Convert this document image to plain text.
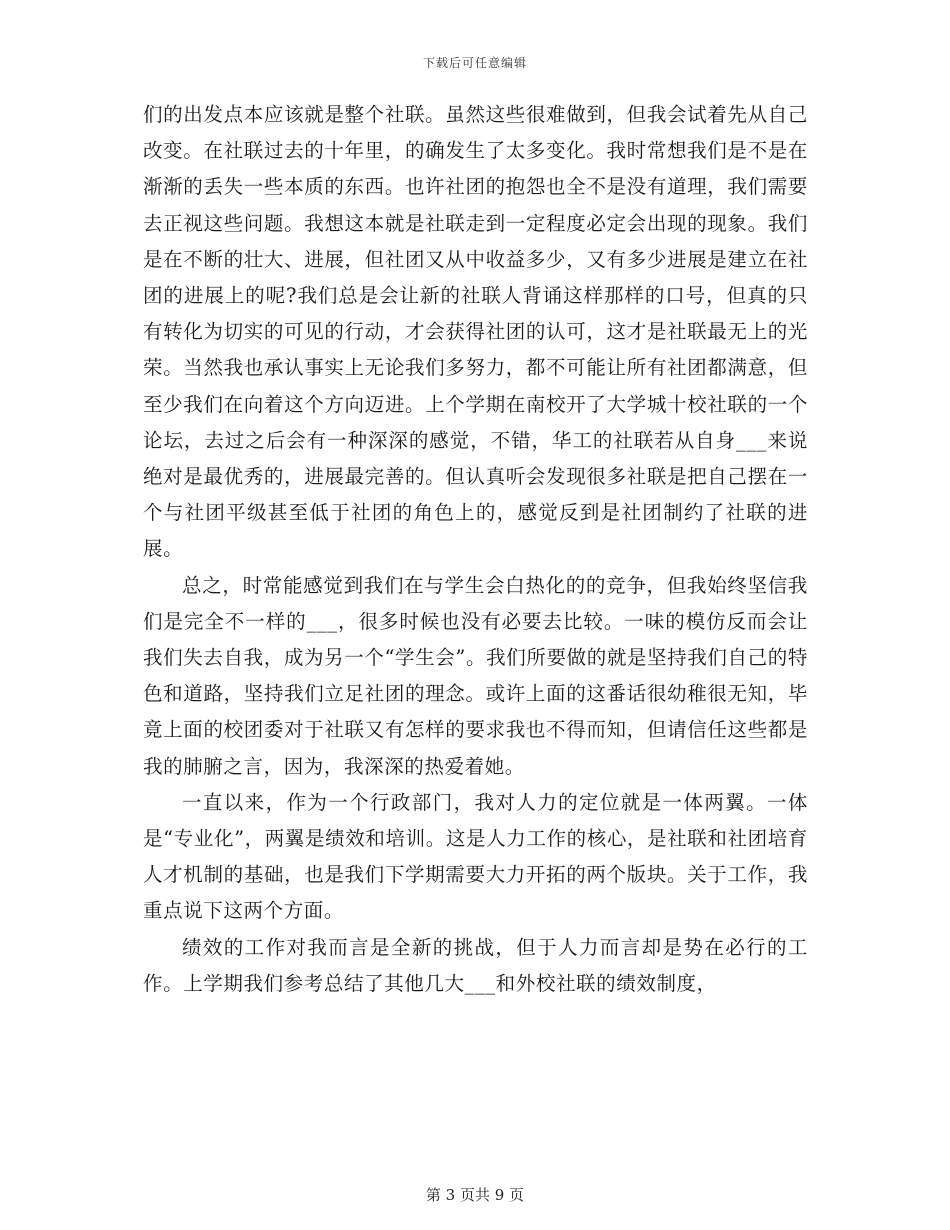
下载后可任意编辑

们的出发点本应该就是整个社联。虽然这些很难做到，但我会试着先从自己改变。在社联过去的十年里，的确发生了太多变化。我时常想我们是不是在渐渐的丢失一些本质的东西。也许社团的抱怨也全不是没有道理，我们需要去正视这些问题。我想这本就是社联走到一定程度必定会出现的现象。我们是在不断的壮大、进展，但社团又从中收益多少，又有多少进展是建立在社团的进展上的呢?我们总是会让新的社联人背诵这样那样的口号，但真的只有转化为切实的可见的行动，才会获得社团的认可，这才是社联最无上的光荣。当然我也承认事实上无论我们多努力，都不可能让所有社团都满意，但至少我们在向着这个方向迈进。上个学期在南校开了大学城十校社联的一个论坛，去过之后会有一种深深的感觉，不错，华工的社联若从自身___来说绝对是最优秀的，进展最完善的。但认真听会发现很多社联是把自己摆在一个与社团平级甚至低于社团的角色上的，感觉反到是社团制约了社联的进展。

总之，时常能感觉到我们在与学生会白热化的的竞争，但我始终坚信我们是完全不一样的___，很多时候也没有必要去比较。一味的模仿反而会让我们失去自我，成为另一个“学生会”。我们所要做的就是坚持我们自己的特色和道路，坚持我们立足社团的理念。或许上面的这番话很幼稚很无知，毕竟上面的校团委对于社联又有怎样的要求我也不得而知，但请信任这些都是我的肺腑之言，因为，我深深的热爱着她。

一直以来，作为一个行政部门，我对人力的定位就是一体两翼。一体是“专业化”，两翼是绩效和培训。这是人力工作的核心，是社联和社团培育人才机制的基础，也是我们下学期需要大力开拓的两个版块。关于工作，我重点说下这两个方面。

绩效的工作对我而言是全新的挑战，但于人力而言却是势在必行的工作。上学期我们参考总结了其他几大___和外校社联的绩效制度，

第 3 页共 9 页
